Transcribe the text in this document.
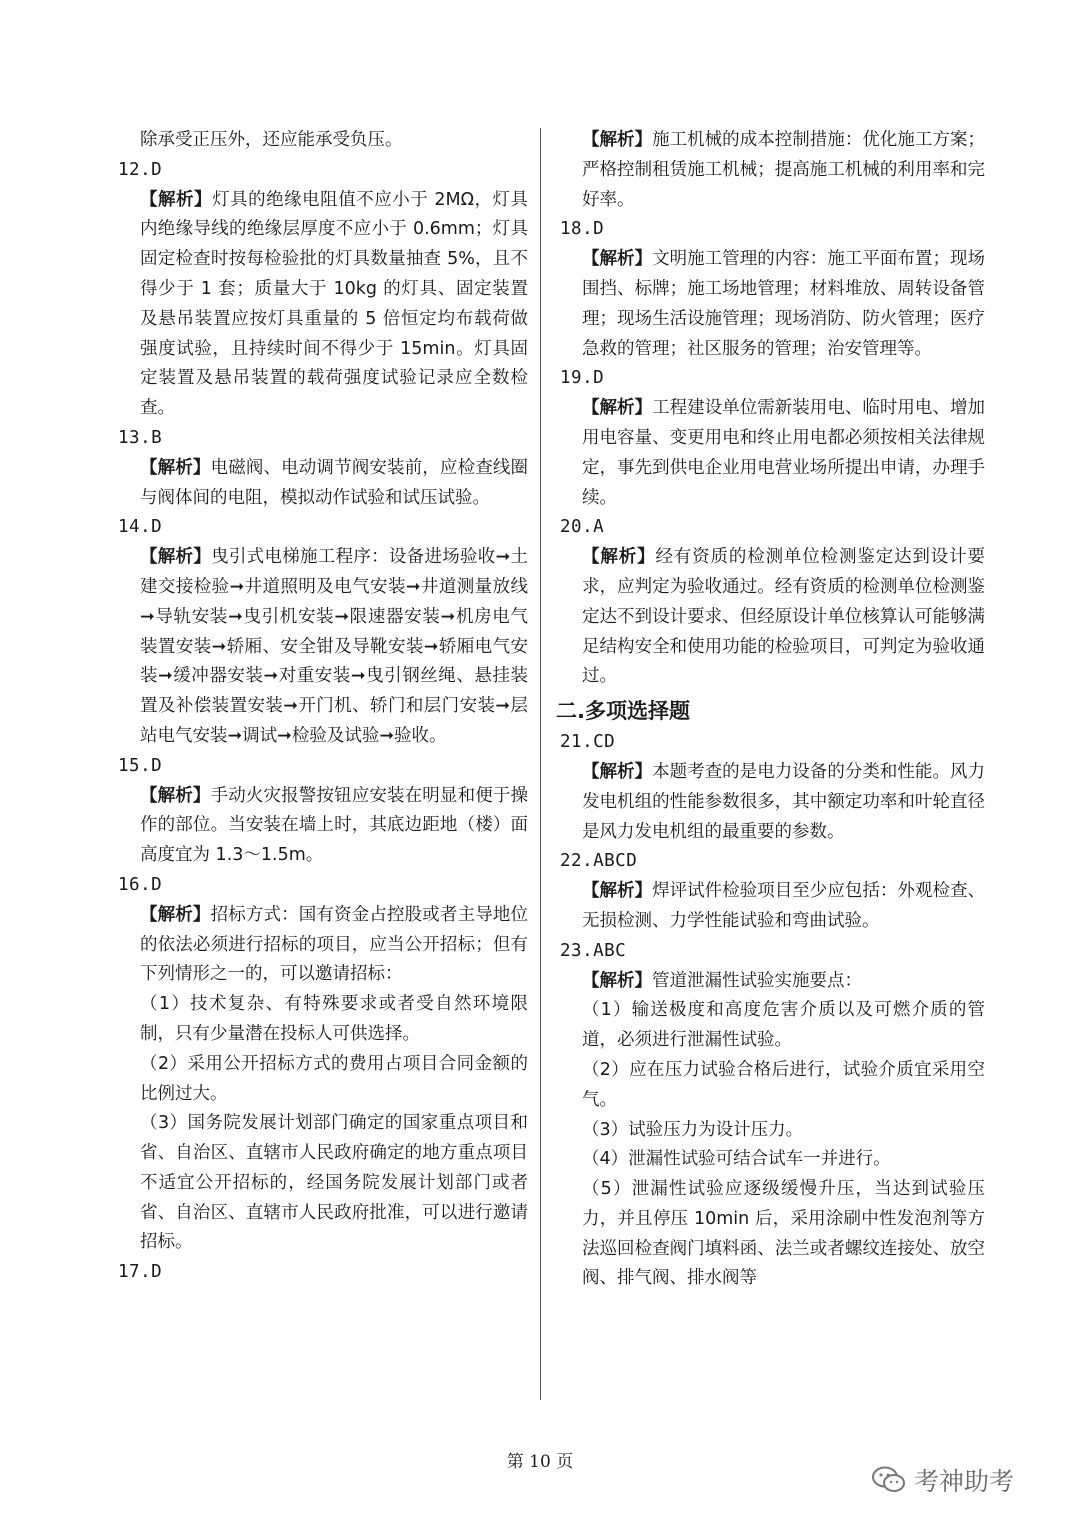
除承受正压外，还应能承受负压。
12.D
【解析】灯具的绝缘电阻值不应小于 2MΩ，灯具内绝缘导线的绝缘层厚度不应小于 0.6mm；灯具固定检查时按每检验批的灯具数量抽查 5%，且不得少于 1 套；质量大于 10kg 的灯具、固定装置及悬吊装置应按灯具重量的 5 倍恒定均布载荷做强度试验，且持续时间不得少于 15min。灯具固定装置及悬吊装置的载荷强度试验记录应全数检查。
13.B
【解析】电磁阀、电动调节阀安装前，应检查线圈与阀体间的电阻，模拟动作试验和试压试验。
14.D
【解析】曳引式电梯施工程序：设备进场验收➞土建交接检验➞井道照明及电气安装➞井道测量放线➞导轨安装➞曳引机安装➞限速器安装➞机房电气装置安装➞轿厢、安全钳及导靴安装➞轿厢电气安装➞缓冲器安装➞对重安装➞曳引钢丝绳、悬挂装置及补偿装置安装➞开门机、轿门和层门安装➞层站电气安装➞调试➞检验及试验➞验收。
15.D
【解析】手动火灾报警按钮应安装在明显和便于操作的部位。当安装在墙上时，其底边距地（楼）面高度宜为 1.3～1.5m。
16.D
【解析】招标方式：国有资金占控股或者主导地位的依法必须进行招标的项目，应当公开招标；但有下列情形之一的，可以邀请招标：
（1）技术复杂、有特殊要求或者受自然环境限制，只有少量潜在投标人可供选择。
（2）采用公开招标方式的费用占项目合同金额的比例过大。
（3）国务院发展计划部门确定的国家重点项目和省、自治区、直辖市人民政府确定的地方重点项目不适宜公开招标的，经国务院发展计划部门或者省、自治区、直辖市人民政府批准，可以进行邀请招标。
17.D
【解析】施工机械的成本控制措施：优化施工方案；严格控制租赁施工机械；提高施工机械的利用率和完好率。
18.D
【解析】文明施工管理的内容：施工平面布置；现场围挡、标牌；施工场地管理；材料堆放、周转设备管理；现场生活设施管理；现场消防、防火管理；医疗急救的管理；社区服务的管理；治安管理等。
19.D
【解析】工程建设单位需新装用电、临时用电、增加用电容量、变更用电和终止用电都必须按相关法律规定，事先到供电企业用电营业场所提出申请，办理手续。
20.A
【解析】经有资质的检测单位检测鉴定达到设计要求，应判定为验收通过。经有资质的检测单位检测鉴定达不到设计要求、但经原设计单位核算认可能够满足结构安全和使用功能的检验项目，可判定为验收通过。
二.多项选择题
21.CD
【解析】本题考查的是电力设备的分类和性能。风力发电机组的性能参数很多，其中额定功率和叶轮直径是风力发电机组的最重要的参数。
22.ABCD
【解析】焊评试件检验项目至少应包括：外观检查、无损检测、力学性能试验和弯曲试验。
23.ABC
【解析】管道泄漏性试验实施要点：
（1）输送极度和高度危害介质以及可燃介质的管道，必须进行泄漏性试验。
（2）应在压力试验合格后进行，试验介质宜采用空气。
（3）试验压力为设计压力。
（4）泄漏性试验可结合试车一并进行。
（5）泄漏性试验应逐级缓慢升压，当达到试验压力，并且停压 10min 后，采用涂刷中性发泡剂等方法巡回检查阀门填料函、法兰或者螺纹连接处、放空阀、排气阀、排水阀等
第 10 页
考神助考
